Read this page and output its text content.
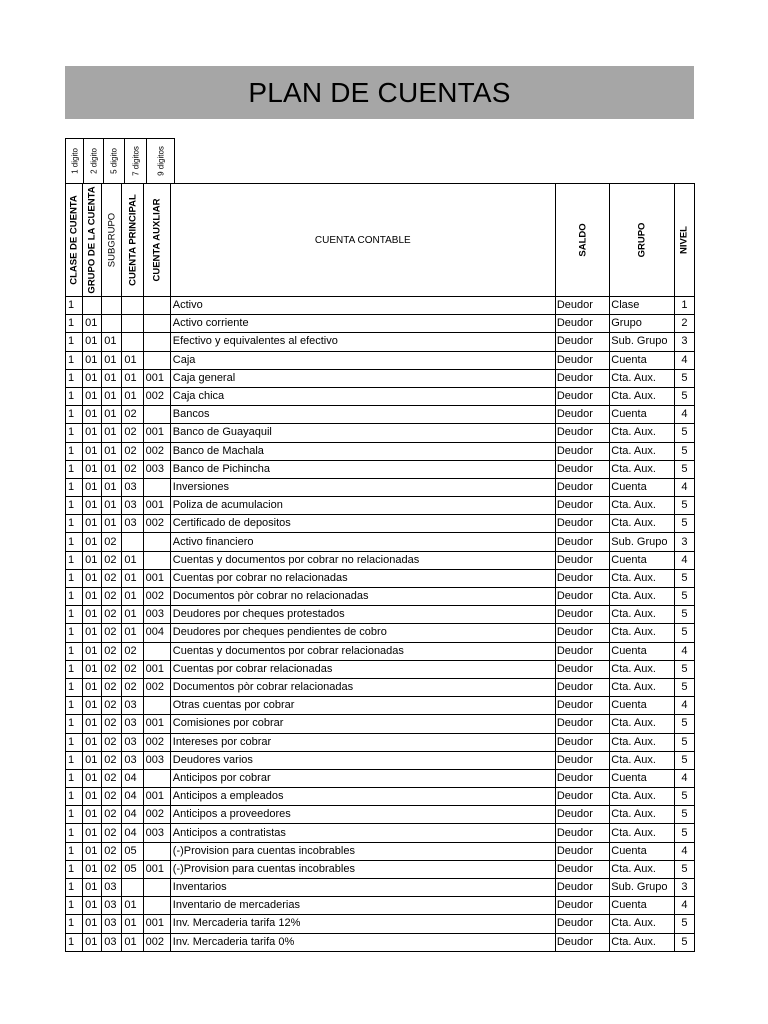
PLAN DE CUENTAS
1 digito	2 digito	5 digito	7 digitos	9 digitos
CLASE DE CUENTA	GRUPO DE LA CUENTA	SUBGRUPO	CUENTA PRINCIPAL	CUENTA AUXLIAR	CUENTA CONTABLE	SALDO	GRUPO	NIVEL

1					Activo	Deudor	Clase	1
1	01				Activo corriente	Deudor	Grupo	2
1	01	01			Efectivo y equivalentes al efectivo	Deudor	Sub. Grupo	3
1	01	01	01		Caja	Deudor	Cuenta	4
1	01	01	01	001	Caja general	Deudor	Cta. Aux.	5
1	01	01	01	002	Caja chica	Deudor	Cta. Aux.	5
1	01	01	02		Bancos	Deudor	Cuenta	4
1	01	01	02	001	Banco de Guayaquil	Deudor	Cta. Aux.	5
1	01	01	02	002	Banco de Machala	Deudor	Cta. Aux.	5
1	01	01	02	003	Banco de Pichincha	Deudor	Cta. Aux.	5
1	01	01	03		Inversiones	Deudor	Cuenta	4
1	01	01	03	001	Poliza de acumulacion	Deudor	Cta. Aux.	5
1	01	01	03	002	Certificado de depositos	Deudor	Cta. Aux.	5
1	01	02			Activo financiero	Deudor	Sub. Grupo	3
1	01	02	01		Cuentas y documentos por cobrar no relacionadas	Deudor	Cuenta	4
1	01	02	01	001	Cuentas por cobrar no relacionadas	Deudor	Cta. Aux.	5
1	01	02	01	002	Documentos pòr cobrar no relacionadas	Deudor	Cta. Aux.	5
1	01	02	01	003	Deudores por cheques protestados	Deudor	Cta. Aux.	5
1	01	02	01	004	Deudores por cheques pendientes de cobro	Deudor	Cta. Aux.	5
1	01	02	02		Cuentas y documentos por cobrar relacionadas	Deudor	Cuenta	4
1	01	02	02	001	Cuentas por cobrar relacionadas	Deudor	Cta. Aux.	5
1	01	02	02	002	Documentos pòr cobrar relacionadas	Deudor	Cta. Aux.	5
1	01	02	03		Otras cuentas por cobrar	Deudor	Cuenta	4
1	01	02	03	001	Comisiones por cobrar	Deudor	Cta. Aux.	5
1	01	02	03	002	Intereses por cobrar	Deudor	Cta. Aux.	5
1	01	02	03	003	Deudores varios	Deudor	Cta. Aux.	5
1	01	02	04		Anticipos por cobrar	Deudor	Cuenta	4
1	01	02	04	001	Anticipos a empleados	Deudor	Cta. Aux.	5
1	01	02	04	002	Anticipos a proveedores	Deudor	Cta. Aux.	5
1	01	02	04	003	Anticipos a contratistas	Deudor	Cta. Aux.	5
1	01	02	05		(-)Provision para cuentas incobrables	Deudor	Cuenta	4
1	01	02	05	001	(-)Provision para cuentas incobrables	Deudor	Cta. Aux.	5
1	01	03			Inventarios	Deudor	Sub. Grupo	3
1	01	03	01		Inventario de mercaderias	Deudor	Cuenta	4
1	01	03	01	001	Inv. Mercaderia tarifa 12%	Deudor	Cta. Aux.	5
1	01	03	01	002	Inv. Mercaderia tarifa 0%	Deudor	Cta. Aux.	5
